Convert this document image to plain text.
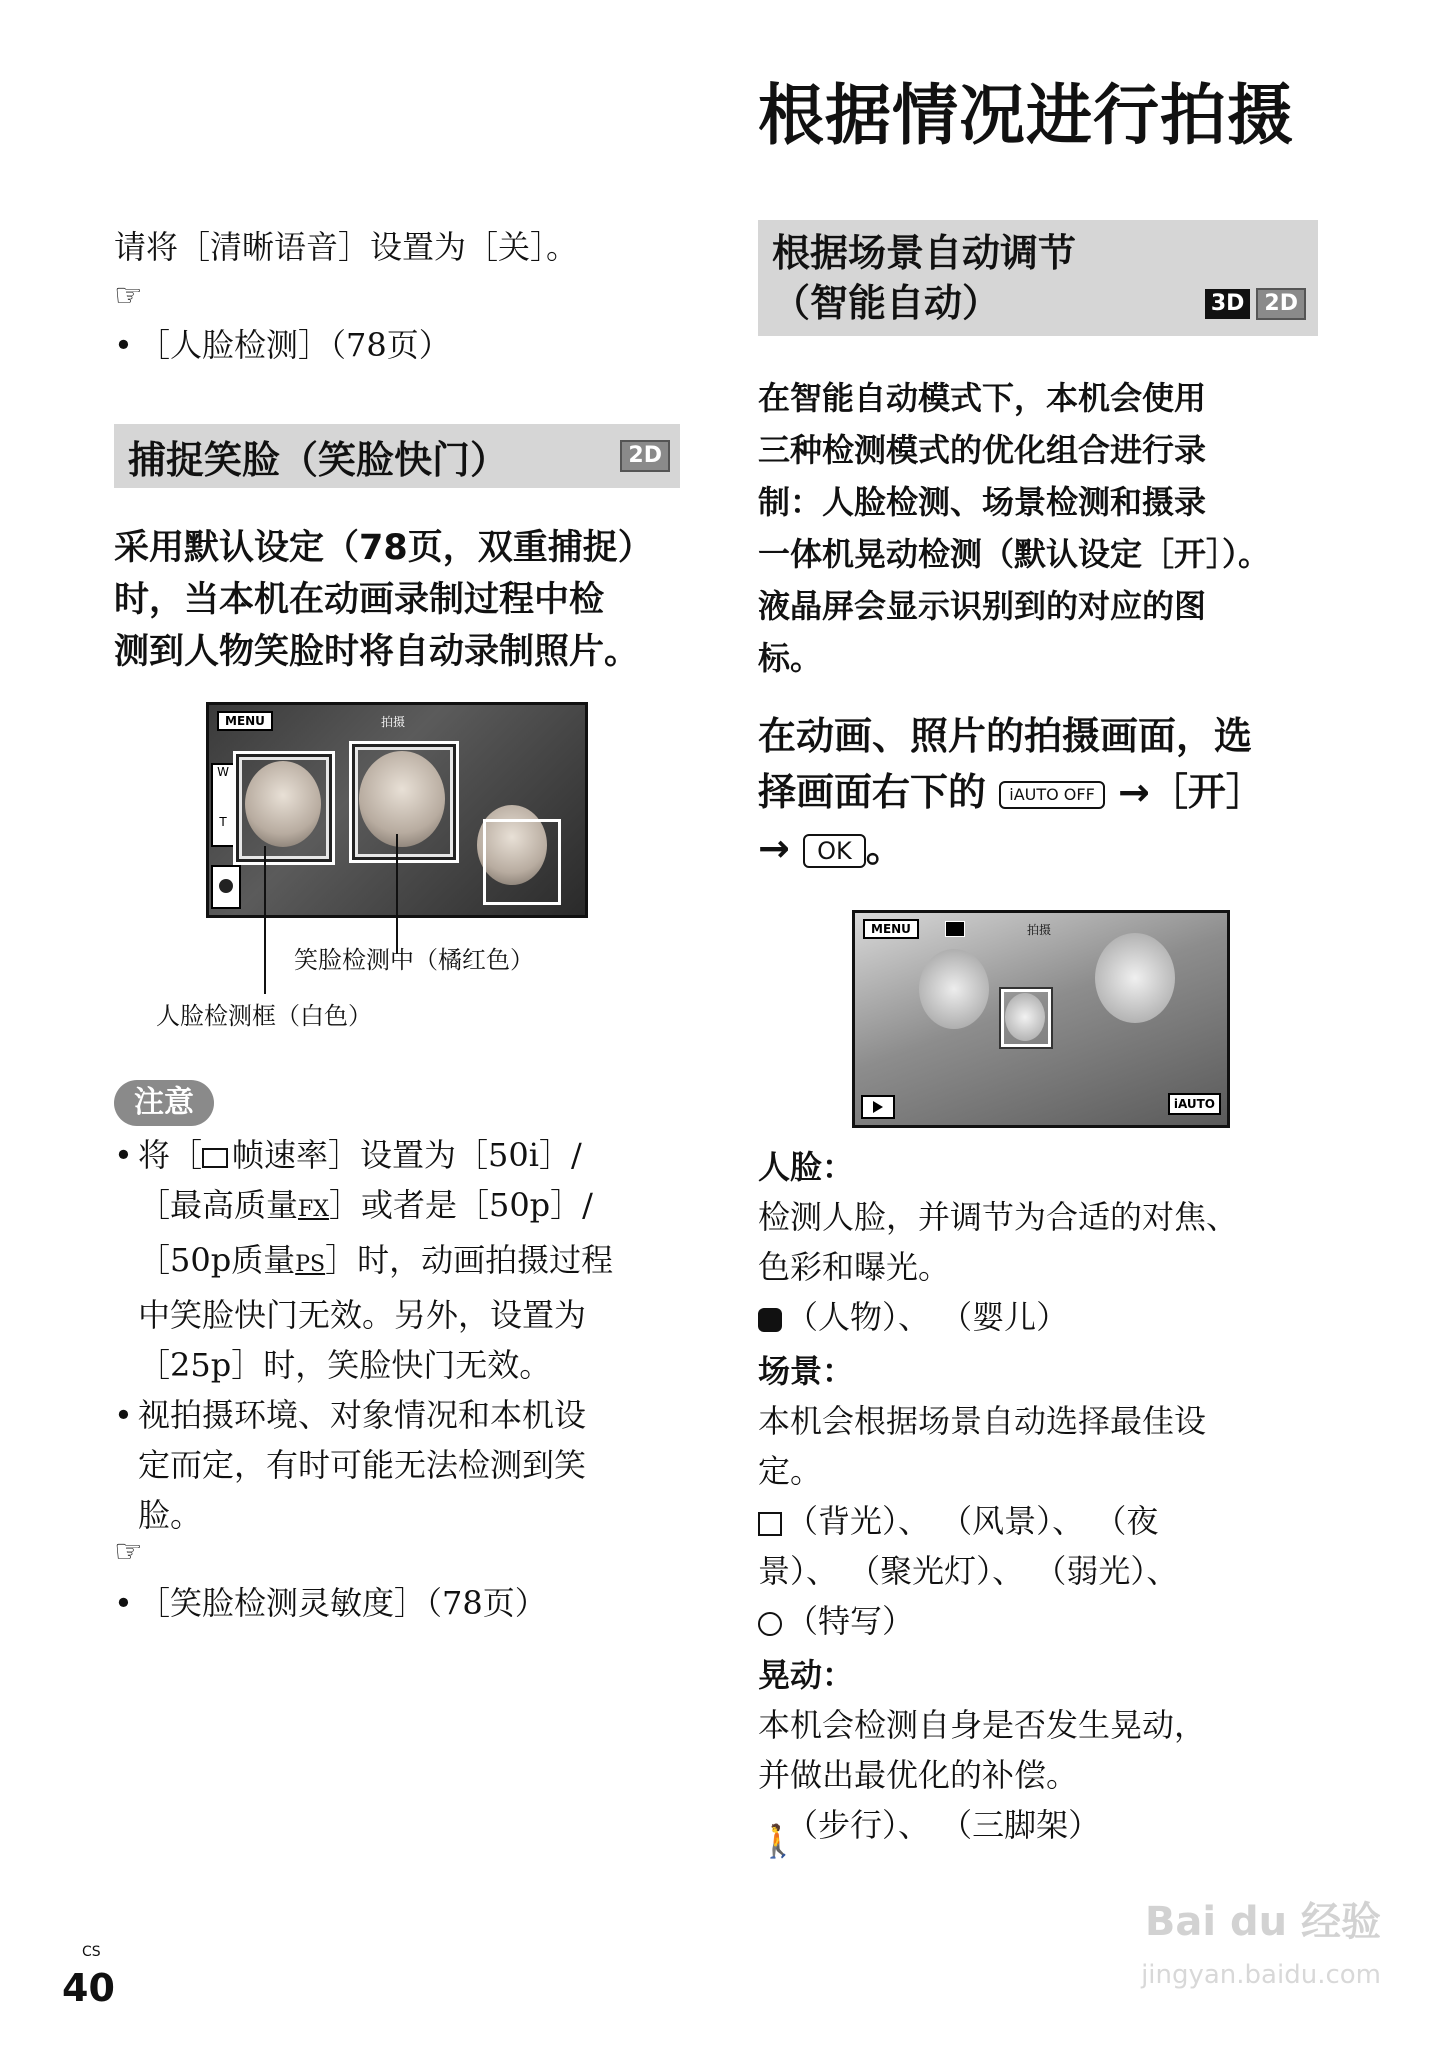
根据情况进行拍摄
请将［清晰语音］设置为［关］。
☞
• ［人脸检测］（78页）
捕捉笑脸（笑脸快门）	2D
采用默认设定（78页，双重捕捉）
时，当本机在动画录制过程中检
测到人物笑脸时将自动录制照片。
MENU	拍摄
W
T
笑脸检测中（橘红色）
人脸检测框（白色）
注意
• 将［ 帧速率］设置为［50i］/
［最高质量FX］或者是［50p］/
［50p质量PS］时，动画拍摄过程
中笑脸快门无效。另外，设置为
［25p］时，笑脸快门无效。
• 视拍摄环境、对象情况和本机设
定而定，有时可能无法检测到笑
脸。
☞
• ［笑脸检测灵敏度］（78页）
根据场景自动调节
（智能自动）	3D 2D
在智能自动模式下，本机会使用
三种检测模式的优化组合进行录
制：人脸检测、场景检测和摄录
一体机晃动检测（默认设定［开］）。
液晶屏会显示识别到的对应的图
标。
在动画、照片的拍摄画面，选
择画面右下的 iAUTO OFF →［开］
→ OK 。
MENU	拍摄
iAUTO
人脸：
检测人脸，并调节为合适的对焦、
色彩和曝光。
（人物）、 （婴儿）
场景：
本机会根据场景自动选择最佳设
定。
（背光）、 （风景）、 （夜
景）、 （聚光灯）、 （弱光）、
（特写）
晃动：
本机会检测自身是否发生晃动，
并做出最优化的补偿。
🚶（步行）、 （三脚架）
CS
40
Bai du 经验
jingyan.baidu.com
